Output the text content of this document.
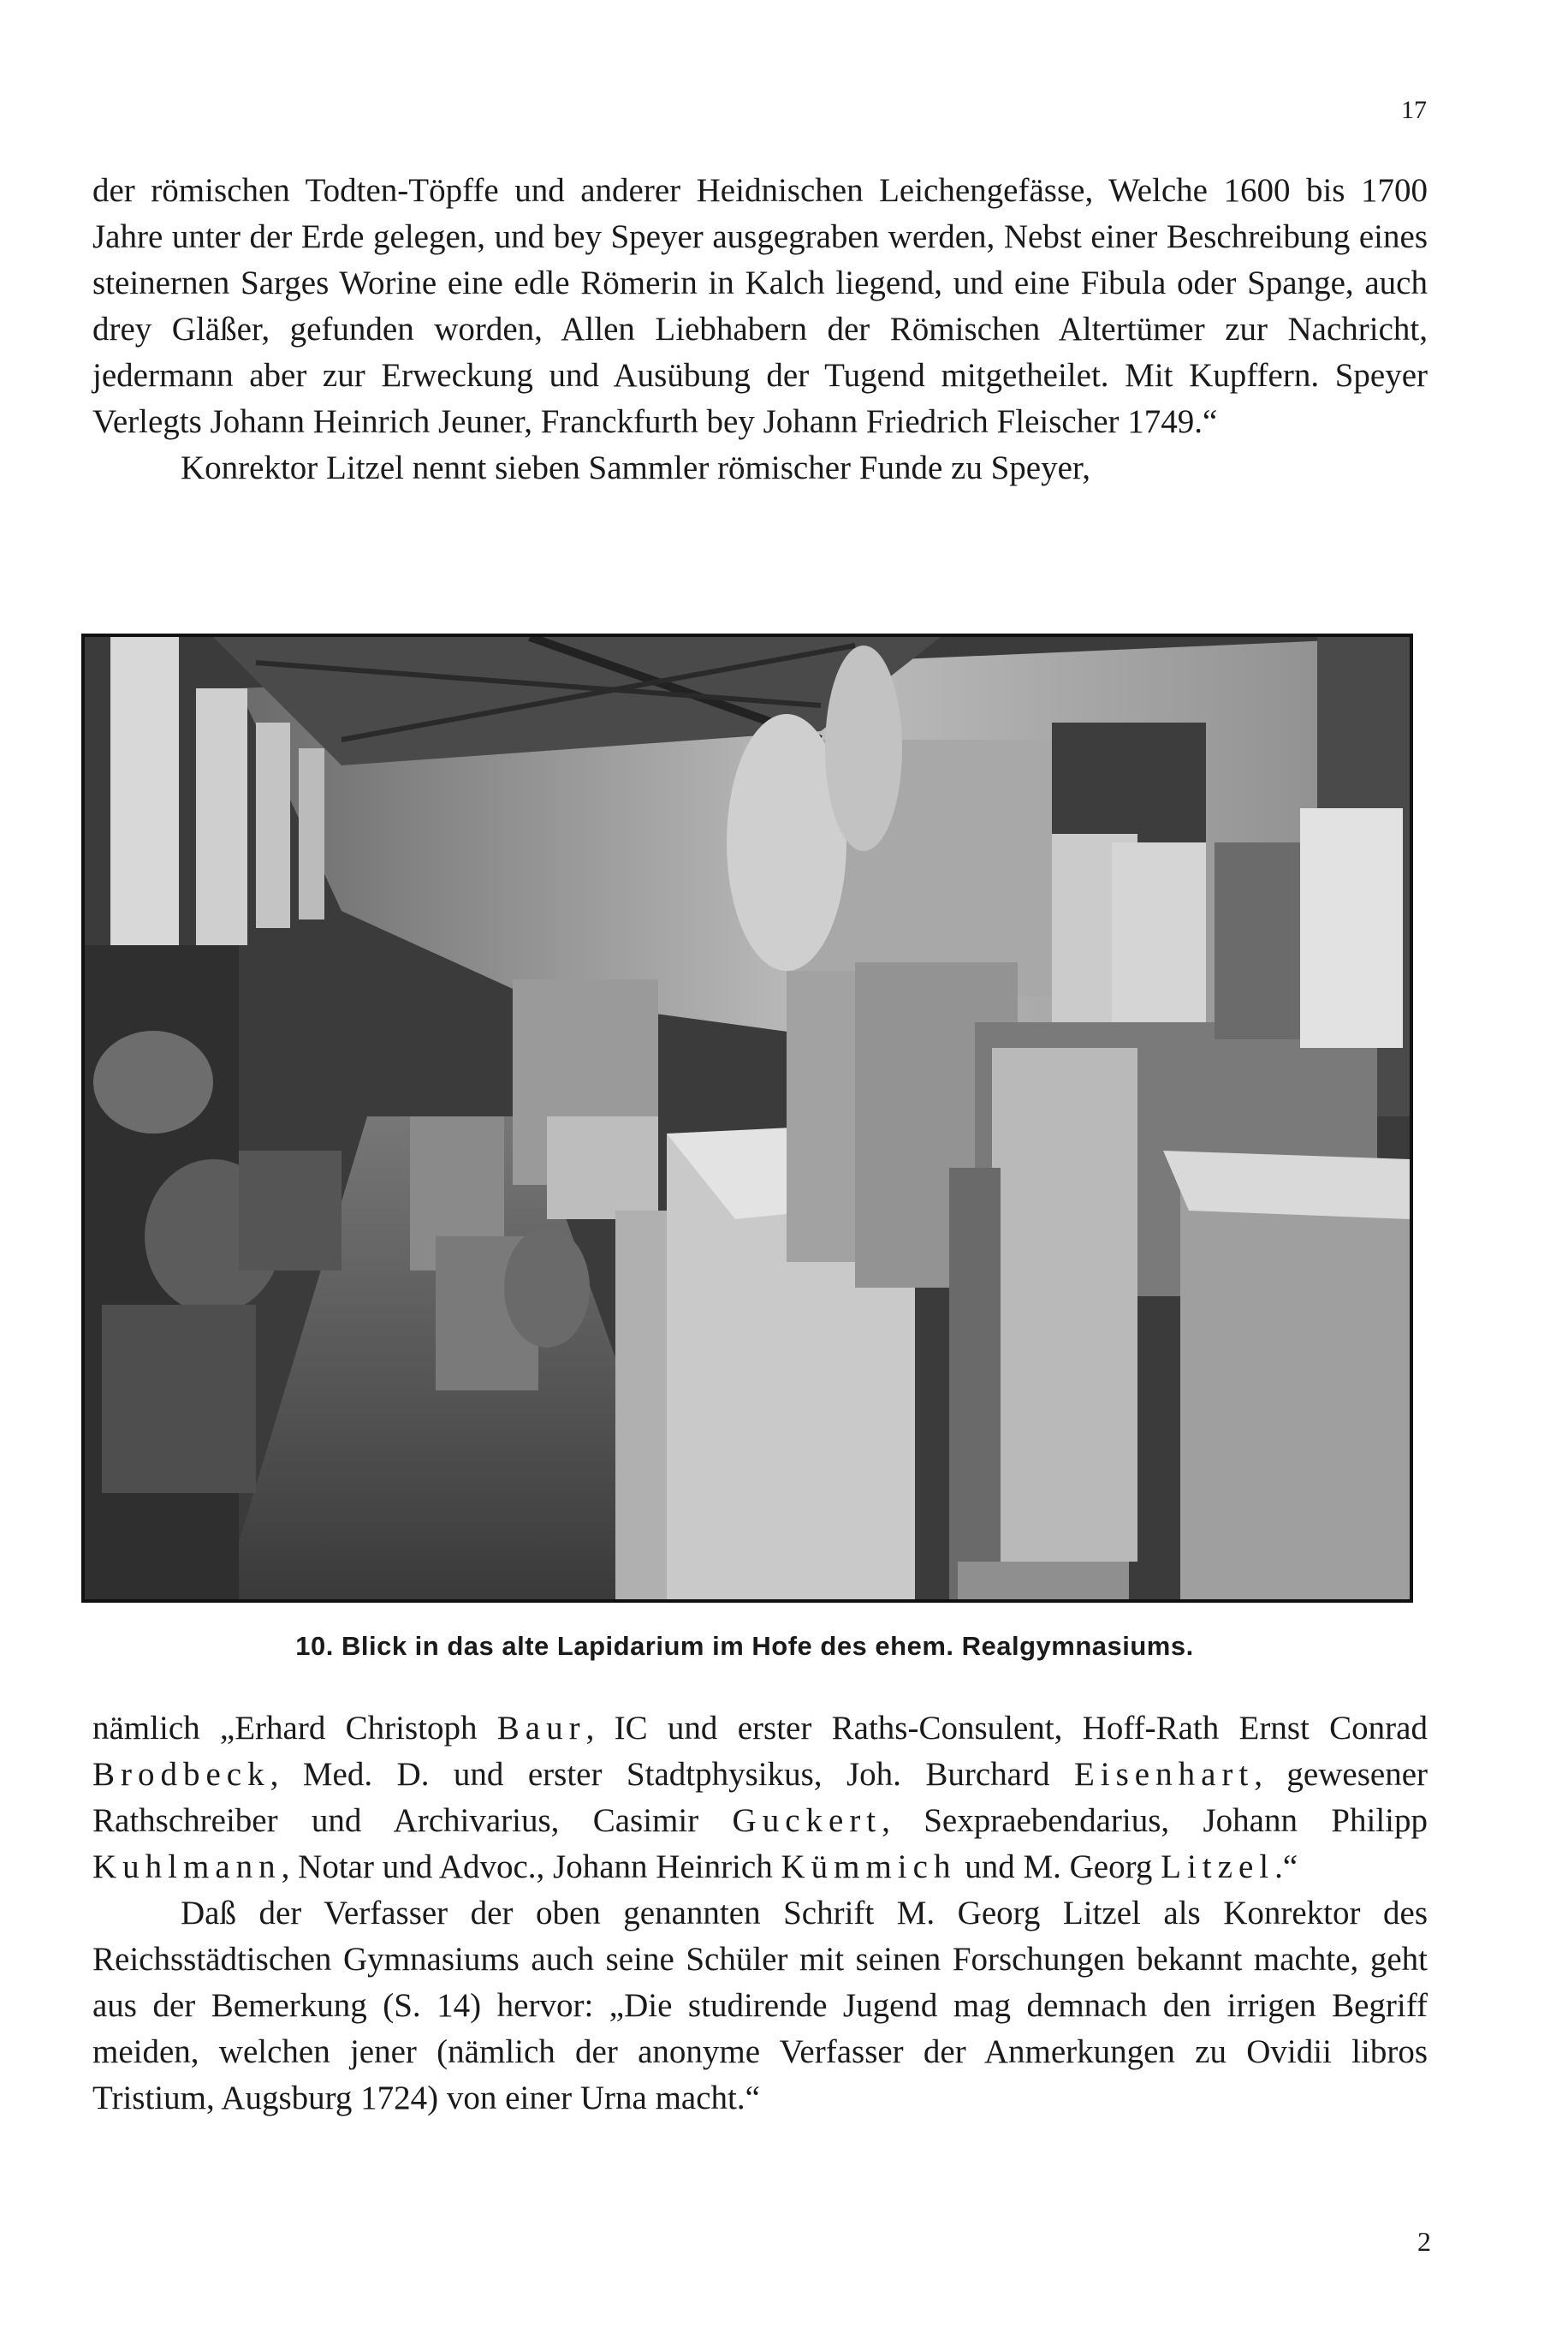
17

der römischen Todten-Töpffe und anderer Heidnischen Leichengefässe, Welche 1600 bis 1700 Jahre unter der Erde gelegen, und bey Speyer ausgegraben werden, Nebst einer Beschreibung eines steinernen Sarges Worine eine edle Römerin in Kalch liegend, und eine Fibula oder Spange, auch drey Gläßer, gefunden worden, Allen Liebhabern der Römischen Altertümer zur Nachricht, jedermann aber zur Erweckung und Ausübung der Tugend mitgetheilet. Mit Kupffern. Speyer Verlegts Johann Heinrich Jeuner, Franckfurth bey Johann Friedrich Fleischer 1749.“

Konrektor Litzel nennt sieben Sammler römischer Funde zu Speyer,

10. Blick in das alte Lapidarium im Hofe des ehem. Realgymnasiums.

nämlich „Erhard Christoph Baur, IC und erster Raths-Consulent, Hoff-Rath Ernst Conrad Brodbeck, Med. D. und erster Stadtphysikus, Joh. Burchard Eisenhart, gewesener Rathschreiber und Archivarius, Casimir Guckert, Sexpraebendarius, Johann Philipp Kuhlmann, Notar und Advoc., Johann Heinrich Kümmich und M. Georg Litzel.“

Daß der Verfasser der oben genannten Schrift M. Georg Litzel als Konrektor des Reichsstädtischen Gymnasiums auch seine Schüler mit seinen Forschungen bekannt machte, geht aus der Bemerkung (S. 14) hervor: „Die studirende Jugend mag demnach den irrigen Begriff meiden, welchen jener (nämlich der anonyme Verfasser der Anmerkungen zu Ovidii libros Tristium, Augsburg 1724) von einer Urna macht.“

2
